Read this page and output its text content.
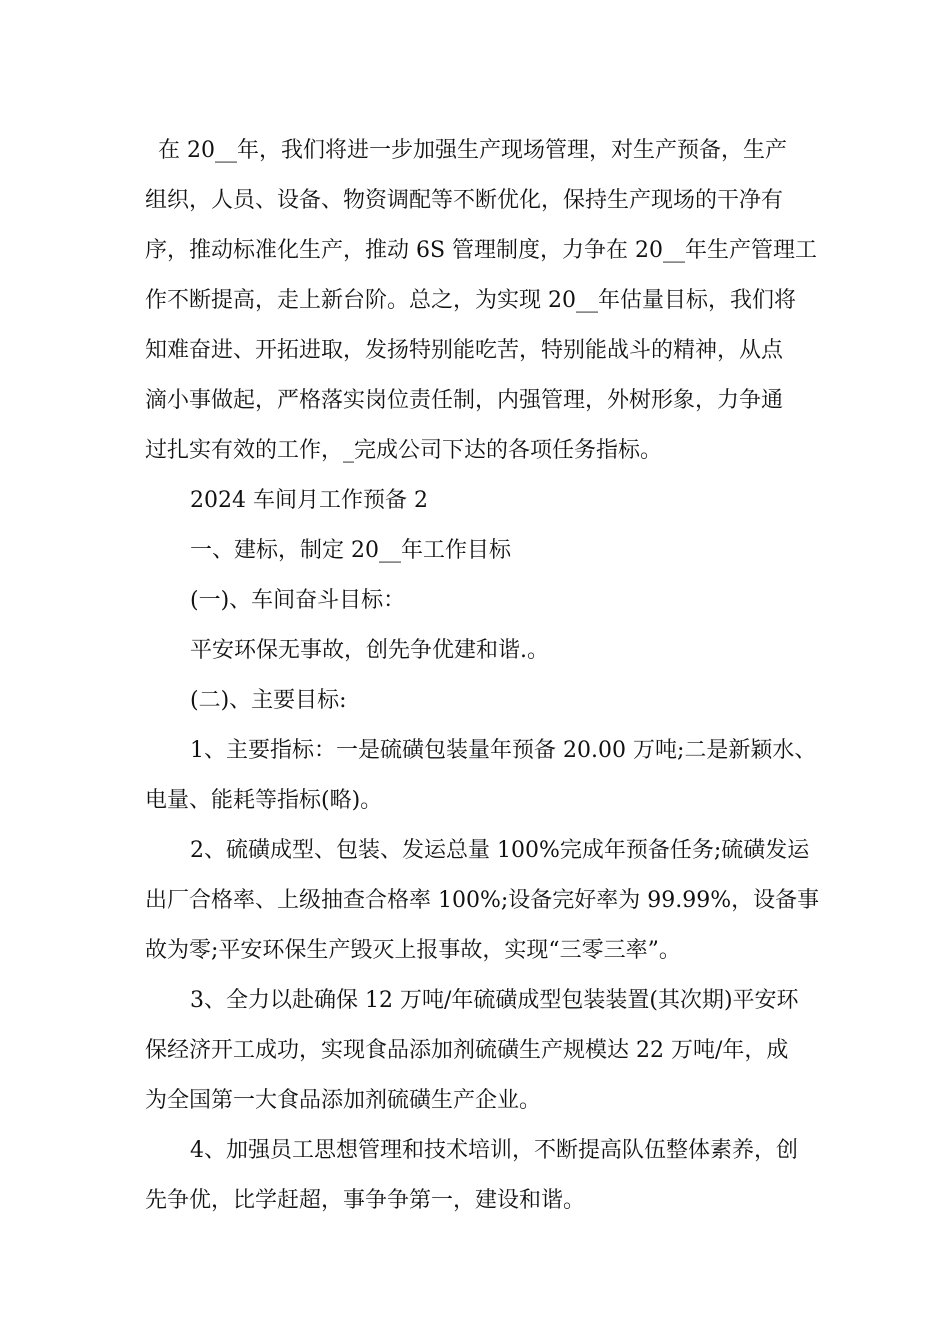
在 20__年，我们将进一步加强生产现场管理，对生产预备，生产
组织，人员、设备、物资调配等不断优化，保持生产现场的干净有
序，推动标准化生产，推动 6S 管理制度，力争在 20__年生产管理工
作不断提高，走上新台阶。总之，为实现 20__年估量目标，我们将
知难奋进、开拓进取，发扬特别能吃苦，特别能战斗的精神，从点
滴小事做起，严格落实岗位责任制，内强管理，外树形象，力争通
过扎实有效的工作，_完成公司下达的各项任务指标。
2024 车间月工作预备 2
一、建标，制定 20__年工作目标
(一)、车间奋斗目标：
平安环保无事故，创先争优建和谐.。
(二)、主要目标:
1、主要指标：一是硫磺包装量年预备 20.00 万吨;二是新颖水、
电量、能耗等指标(略)。
2、硫磺成型、包装、发运总量 100%完成年预备任务;硫磺发运
出厂合格率、上级抽查合格率 100%;设备完好率为 99.99%，设备事
故为零;平安环保生产毁灭上报事故，实现“三零三率”。
3、全力以赴确保 12 万吨/年硫磺成型包装装置(其次期)平安环
保经济开工成功，实现食品添加剂硫磺生产规模达 22 万吨/年，成
为全国第一大食品添加剂硫磺生产企业。
4、加强员工思想管理和技术培训，不断提高队伍整体素养，创
先争优，比学赶超，事争争第一，建设和谐。
